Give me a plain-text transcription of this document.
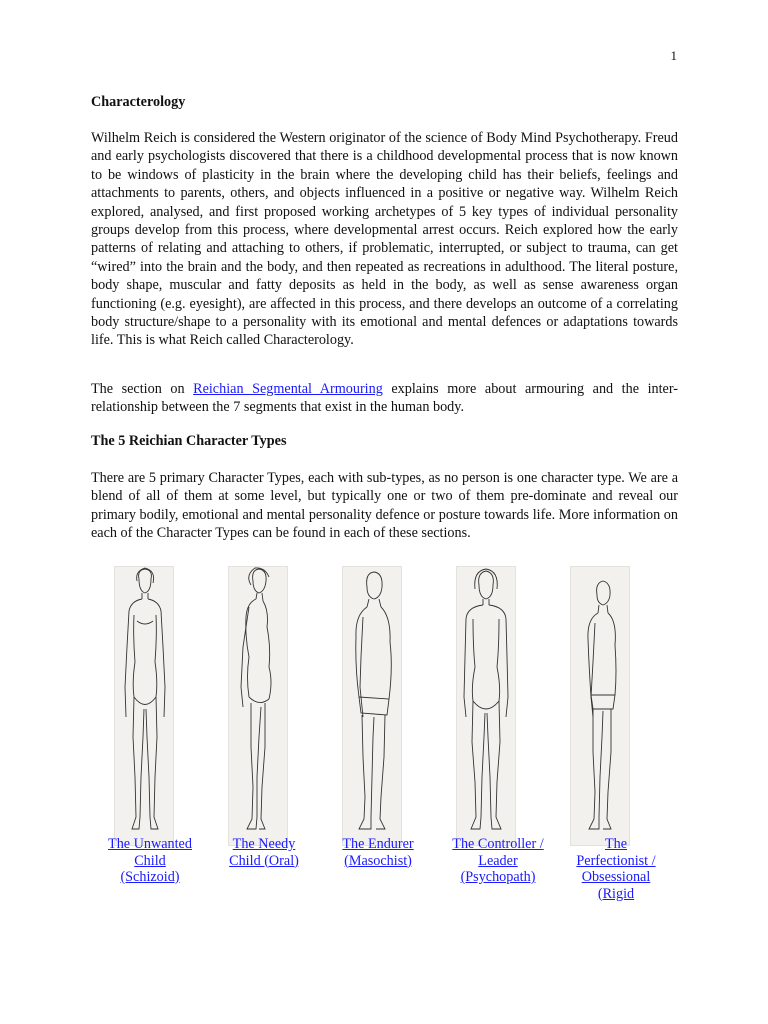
1
Characterology

Wilhelm Reich is considered the Western originator of the science of Body Mind Psychotherapy. Freud and early psychologists discovered that there is a childhood developmental process that is now known to be windows of plasticity in the brain where the developing child has their beliefs, feelings and attachments to parents, others, and objects influenced in a positive or negative way. Wilhelm Reich explored, analysed, and first proposed working archetypes of 5 key types of individual personality groups develop from this process, where developmental arrest occurs. Reich explored how the early patterns of relating and attaching to others, if problematic, interrupted, or subject to trauma, can get “wired” into the brain and the body, and then repeated as recreations in adulthood. The literal posture, body shape, muscular and fatty deposits as held in the body, as well as sense awareness organ functioning (e.g. eyesight), are affected in this process, and there develops an outcome of a correlating body structure/shape to a personality with its emotional and mental defences or adaptations towards life. This is what Reich called Characterology.

The section on Reichian Segmental Armouring explains more about armouring and the inter-relationship between the 7 segments that exist in the human body.

The 5 Reichian Character Types

There are 5 primary Character Types, each with sub-types, as no person is one character type. We are a blend of all of them at some level, but typically one or two of them pre-dominate and reveal our primary bodily, emotional and mental personality defence or posture towards life. More information on each of the Character Types can be found in each of these sections.

The Unwanted
Child
(Schizoid)
The Needy
Child (Oral)
The Endurer
(Masochist)
The Controller /
Leader
(Psychopath)
The
Perfectionist /
Obsessional
(Rigid
